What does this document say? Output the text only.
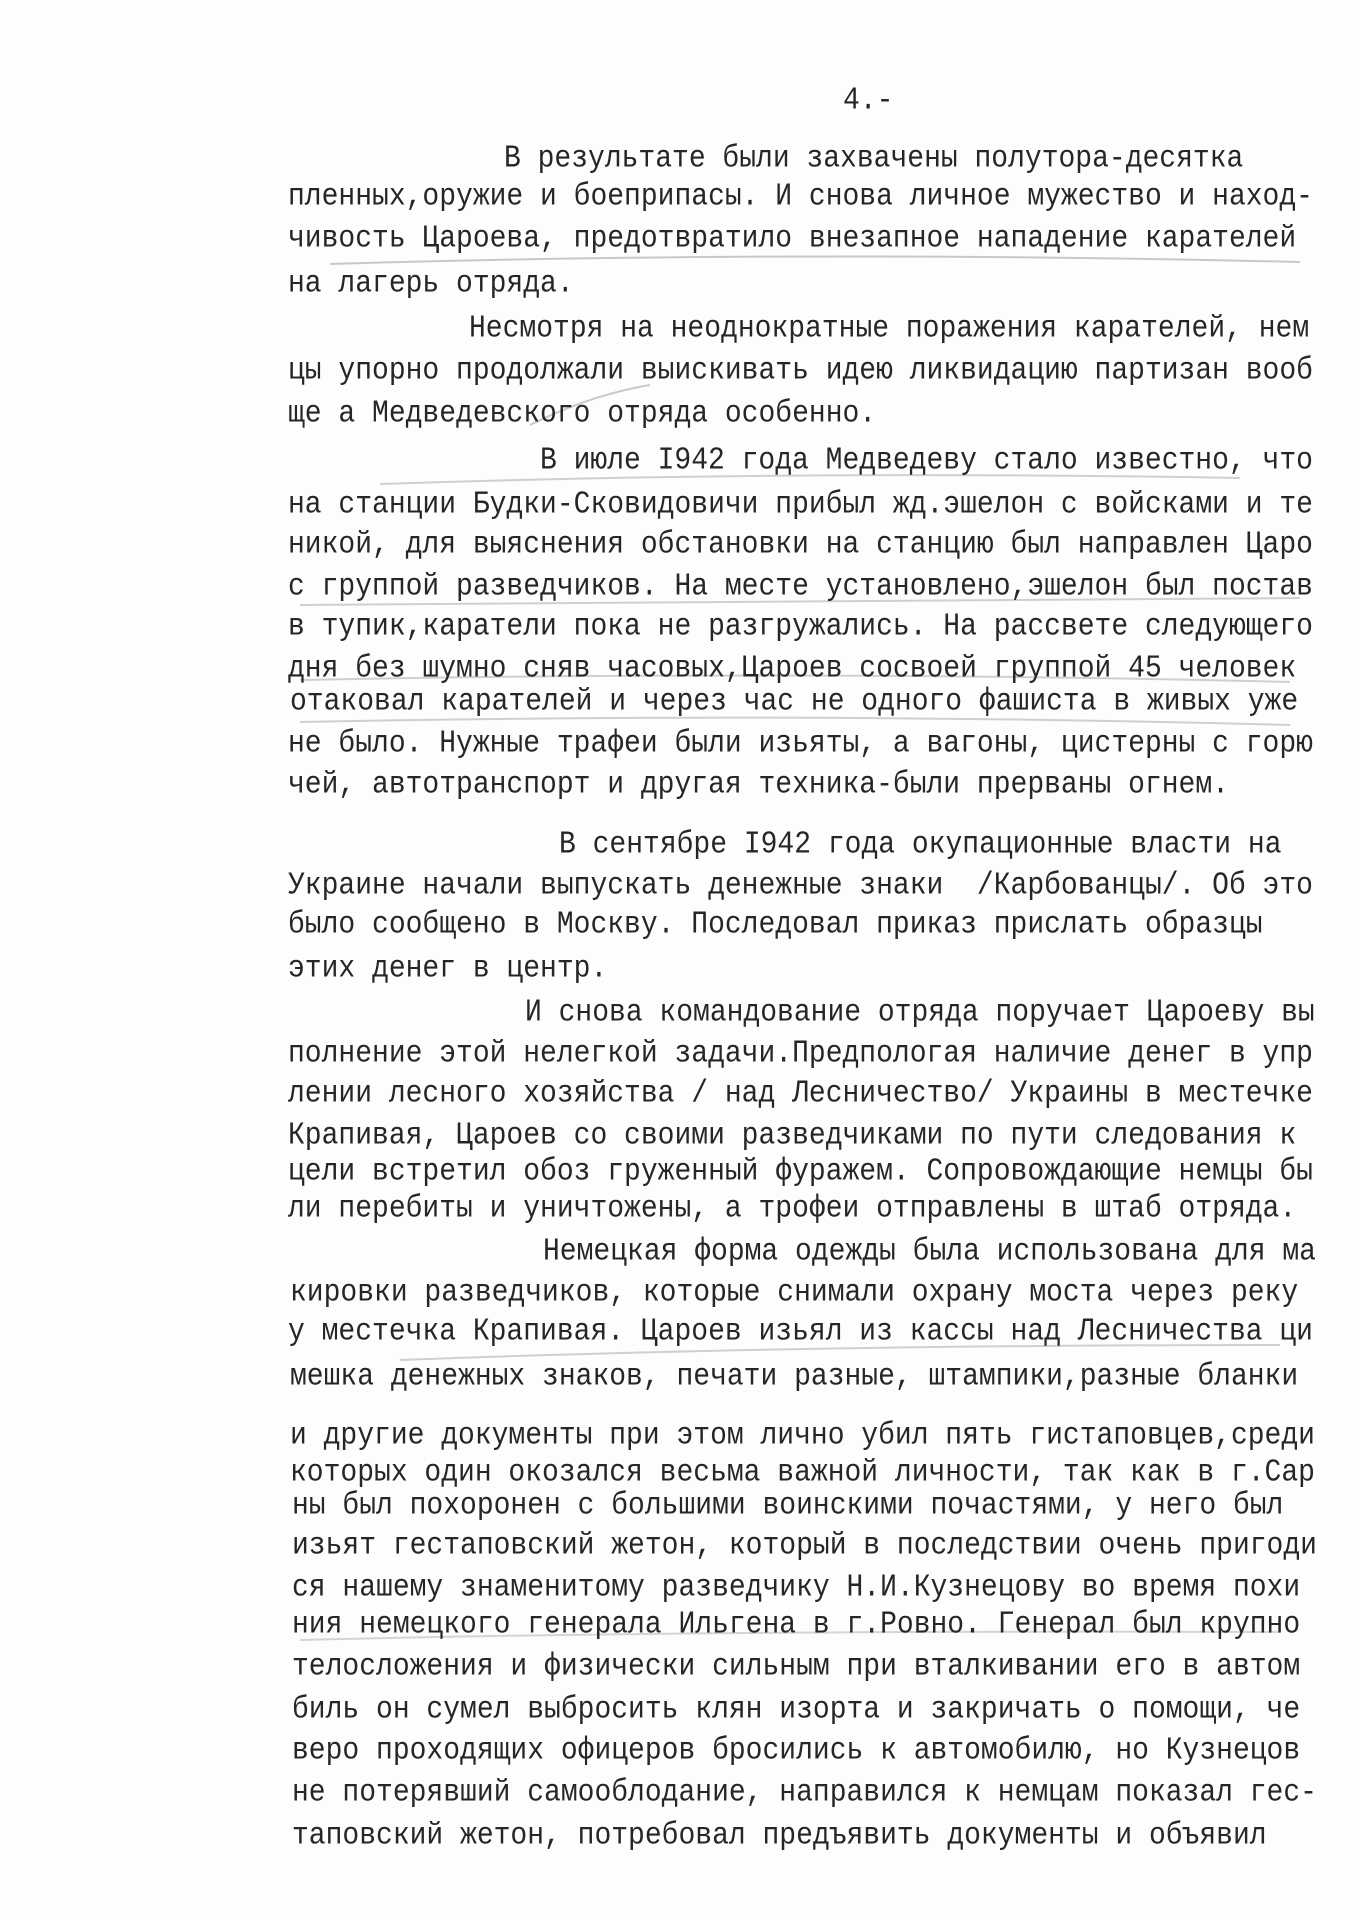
4.-
В результате были захвачены полутора-десятка
пленных,оружие и боеприпасы. И снова личное мужество и наход-
чивость Цароева, предотвратило внезапное нападение карателей
на лагерь отряда.
Несмотря на неоднократные поражения карателей, нем
цы упорно продолжали выискивать идею ликвидацию партизан вооб
ще а Медведевского отряда особенно.
В июле I942 года Медведеву стало известно, что
на станции Будки-Сковидовичи прибыл жд.эшелон с войсками и те
никой, для выяснения обстановки на станцию был направлен Царо
с группой разведчиков. На месте установлено,эшелон был постав
в тупик,каратели пока не разгружались. На рассвете следующего
дня без шумно сняв часовых,Цароев сосвоей группой 45 человек
отаковал карателей и через час не одного фашиста в живых уже
не было. Нужные трафеи были изьяты, а вагоны, цистерны с горю
чей, автотранспорт и другая техника-были прерваны огнем.
В сентябре I942 года окупационные власти на
Украине начали выпускать денежные знаки  /Карбованцы/. Об это
было сообщено в Москву. Последовал приказ прислать образцы
этих денег в центр.
И снова командование отряда поручает Цароеву вы
полнение этой нелегкой задачи.Предпологая наличие денег в упр
лении лесного хозяйства / над Лесничество/ Украины в местечке
Крапивая, Цароев со своими разведчиками по пути следования к
цели встретил обоз груженный фуражем. Сопровождающие немцы бы
ли перебиты и уничтожены, а трофеи отправлены в штаб отряда.
Немецкая форма одежды была использована для ма
кировки разведчиков, которые снимали охрану моста через реку
у местечка Крапивая. Цароев изьял из кассы над Лесничества ци
мешка денежных знаков, печати разные, штампики,разные бланки
и другие документы при этом лично убил пять гистаповцев,среди
которых один окозался весьма важной личности, так как в г.Сар
ны был похоронен с большими воинскими почастями, у него был
изьят гестаповский жетон, который в последствии очень пригоди
ся нашему знаменитому разведчику Н.И.Кузнецову во время похи
ния немецкого генерала Ильгена в г.Ровно. Генерал был крупно
телосложения и физически сильным при вталкивании его в автом
биль он сумел выбросить клян изорта и закричать о помощи, че
веро проходящих офицеров бросились к автомобилю, но Кузнецов
не потерявший самооблодание, направился к немцам показал гес-
таповский жетон, потребовал предъявить документы и объявил
